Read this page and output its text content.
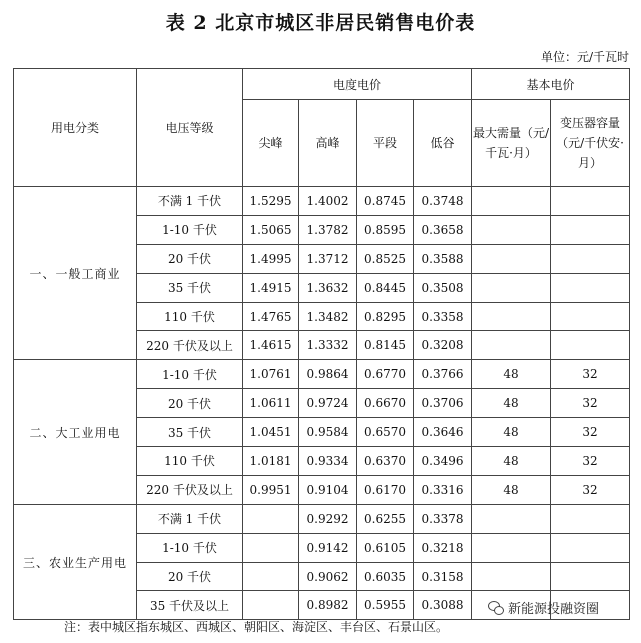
表 2 北京市城区非居民销售电价表
单位：元/千瓦时
用电分类	电压等级	电度电价				基本电价	
		尖峰	高峰	平段	低谷	最大需量（元/千瓦·月）	变压器容量（元/千伏安·月）
一、一般工商业	不满 1 千伏	1.5295	1.4002	0.8745	0.3748		
	1-10 千伏	1.5065	1.3782	0.8595	0.3658		
	20 千伏	1.4995	1.3712	0.8525	0.3588		
	35 千伏	1.4915	1.3632	0.8445	0.3508		
	110 千伏	1.4765	1.3482	0.8295	0.3358		
	220 千伏及以上	1.4615	1.3332	0.8145	0.3208		
二、大工业用电	1-10 千伏	1.0761	0.9864	0.6770	0.3766	48	32
	20 千伏	1.0611	0.9724	0.6670	0.3706	48	32
	35 千伏	1.0451	0.9584	0.6570	0.3646	48	32
	110 千伏	1.0181	0.9334	0.6370	0.3496	48	32
	220 千伏及以上	0.9951	0.9104	0.6170	0.3316	48	32
三、农业生产用电	不满 1 千伏		0.9292	0.6255	0.3378		
	1-10 千伏		0.9142	0.6105	0.3218		
	20 千伏		0.9062	0.6035	0.3158		
	35 千伏及以上		0.8982	0.5955	0.3088			新能源投融资圈
注：表中城区指东城区、西城区、朝阳区、海淀区、丰台区、石景山区。
